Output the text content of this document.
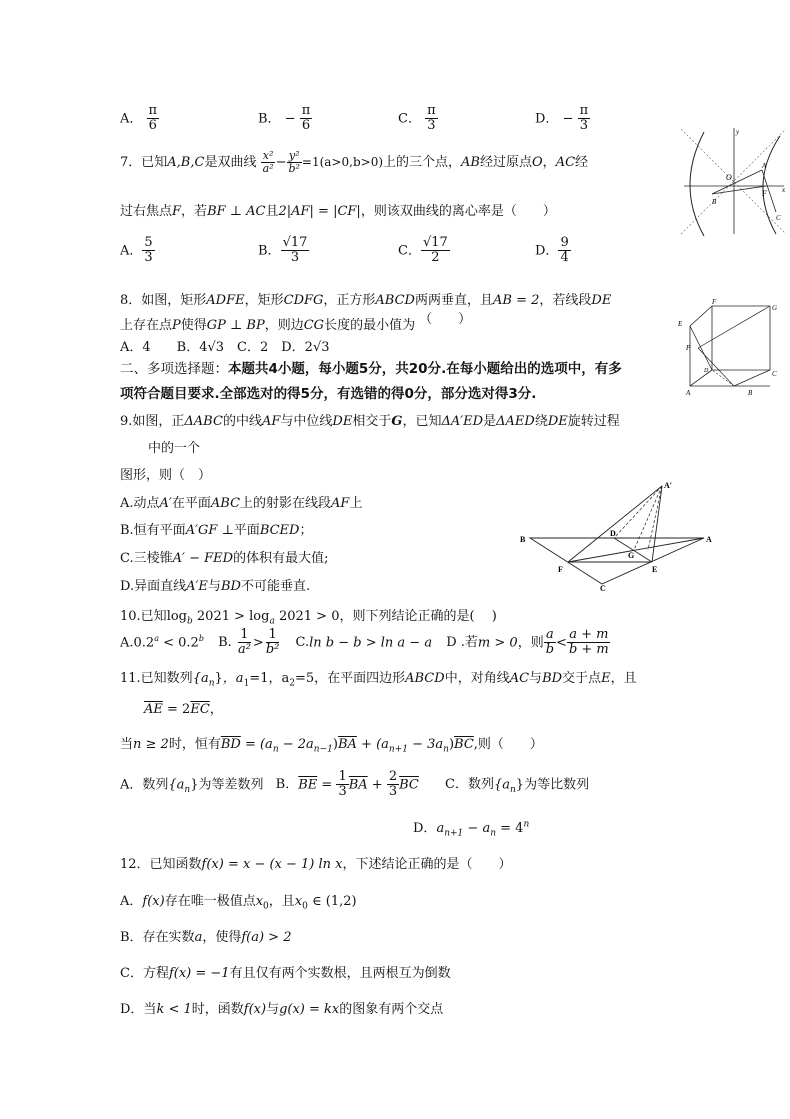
A． $\frac{\pi}{6}$	B． − $\frac{\pi}{6}$	C． $\frac{\pi}{3}$	D． − $\frac{\pi}{3}$
7．已知A,B,C是双曲线 $\frac{\text{x²}}{\text{a²}} - \frac{\text{y²}}{\text{b²}} =1(a>0,b>0)$上的三个点，AB经过原点O，AC经
过右焦点F，若BF ⊥ AC且2|AF| = |CF|，则该双曲线的离心率是（　　）
A． $\frac{5}{3}$	B． $\frac{√17}{3}$	C． $\frac{√17}{2}$	D． $\frac{9}{4}$
y
O
A
F x
B
C
8．如图，矩形ADFE，矩形CDFG，正方形ABCD两两垂直，且AB = 2，若线段DE
上存在点P使得GP ⊥ BP，则边CG长度的最小值为 （　　）
A．4　　B．4√3　C．2　D．2√3
F
G
E
P
D	C
A	B
二、多项选择题：本题共4小题，每小题5分，共20分.在每小题给出的选项中，有多
项符合题目要求.全部选对的得5分，有选错的得0分，部分选对得3分.
9.如图，正ΔABC的中线AF与中位线DE相交于G，已知ΔA′ED是ΔAED绕DE旋转过程
中的一个
图形，则（　）
A.动点A′在平面ABC上的射影在线段AF上
B.恒有平面A′GF ⊥平面BCED；
C.三棱锥A′ − FED的体积有最大值;
D.异面直线A′E与BD不可能垂直.
A′
B
D
A
G
F	E
C
10.已知$\log_b 2021 > \log_a 2021 > 0$，则下列结论正确的是(　 )
A.0.2$^a$ < 0.2$^b$ B. $\frac{1}{\text{a²}} > \frac{1}{\text{b²}} C.\ln$ b − b > ln a − a D .若m > 0，则 $\frac{a}{b} < \frac{a + m}{b + m}$
11.已知数列$\{a_n\}$，$a_1=1$，$a_2=5$，在平面四边形ABCD中，对角线AC与BD交于点E，且
$\overline{AE} = 2\overline{EC}$，
当n ≥ 2时，恒有$\overline{BD} = (a_n - 2a_{n-1})\overline{BA} + (a_{n+1} - 3a_n)\overline{BC}$,则（　　）
A．数列$\{a_n\}$为等差数列 B．$\overline{BE} = \frac{1}{3} \overline{BA} + \frac{2}{3} \overline{BC}$ C．数列$\{a_n\}$为等比数列
D．$a_{n+1} - a_n = 4^n$
12．已知函数f(x) = x − (x − 1) ln x，下述结论正确的是（　　）
A．f(x)存在唯一极值点$x_0$，且$x_0$ ∈ (1,2)
B．存在实数a，使得f(a) > 2
C．方程f(x) = −1有且仅有两个实数根，且两根互为倒数
D．当k < 1时，函数f(x)与g(x) = kx的图象有两个交点
